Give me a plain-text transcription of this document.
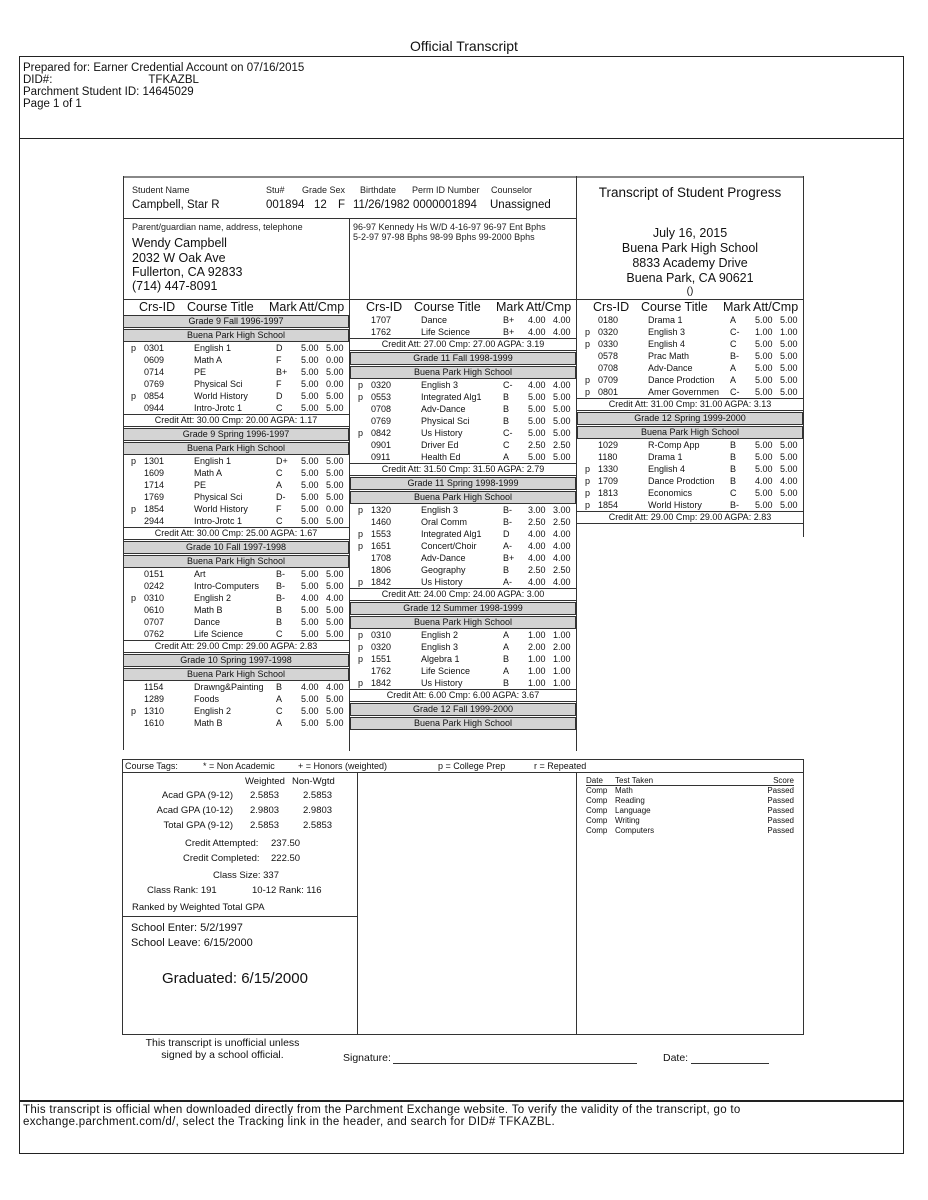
Official Transcript
Prepared for: Earner Credential Account on 07/16/2015
DID#:	TFKAZBL
Parchment Student ID: 14645029
Page 1 of 1
Student Name	Stu# Grade Sex Birthdate Perm ID Number Counselor
Campbell, Star R	001894 12 F 11/26/1982 0000001894 Unassigned
Parent/guardian name, address, telephone
Wendy Campbell
2032 W Oak Ave
Fullerton, CA 92833
(714) 447-8091
96-97 Kennedy Hs W/D 4-16-97 96-97 Ent Bphs
5-2-97 97-98 Bphs 98-99 Bphs 99-2000 Bphs
Transcript of Student Progress
July 16, 2015
Buena Park High School
8833 Academy Drive
Buena Park, CA 90621
()
Crs-ID Course Title Mark Att/Cmp
Grade 9 Fall 1996-1997
Buena Park High School
p 0301	English 1	D 5.00 5.00
0609	Math A	F 5.00 0.00
0714	PE	B+ 5.00 5.00
0769	Physical Sci	F 5.00 0.00
p 0854	World History	D 5.00 5.00
0944	Intro-Jrotc 1	C 5.00 5.00
Credit Att: 30.00 Cmp: 20.00 AGPA: 1.17
Grade 9 Spring 1996-1997
Buena Park High School
p 1301	English 1	D+ 5.00 5.00
1609	Math A	C 5.00 5.00
1714	PE	A 5.00 5.00
1769	Physical Sci	D- 5.00 5.00
p 1854	World History	F 5.00 0.00
2944	Intro-Jrotc 1	C 5.00 5.00
Credit Att: 30.00 Cmp: 25.00 AGPA: 1.67
Grade 10 Fall 1997-1998
Buena Park High School
0151	Art	B- 5.00 5.00
0242	Intro-Computers B- 5.00 5.00
p 0310	English 2	B- 4.00 4.00
0610	Math B	B 5.00 5.00
0707	Dance	B 5.00 5.00
0762	Life Science	C 5.00 5.00
Credit Att: 29.00 Cmp: 29.00 AGPA: 2.83
Grade 10 Spring 1997-1998
Buena Park High School
1154	Drawng&Painting B 4.00 4.00
1289	Foods	A 5.00 5.00
p 1310	English 2	C 5.00 5.00
1610	Math B	A 5.00 5.00
Crs-ID Course Title Mark Att/Cmp
1707	Dance	B+ 4.00 4.00
1762	Life Science	B+ 4.00 4.00
Credit Att: 27.00 Cmp: 27.00 AGPA: 3.19
Grade 11 Fall 1998-1999
Buena Park High School
p 0320	English 3	C- 4.00 4.00
p 0553	Integrated Alg1 B 5.00 5.00
0708	Adv-Dance	B 5.00 5.00
0769	Physical Sci	B 5.00 5.00
p 0842	Us History	C- 5.00 5.00
0901	Driver Ed	C 2.50 2.50
0911	Health Ed	A 5.00 5.00
Credit Att: 31.50 Cmp: 31.50 AGPA: 2.79
Grade 11 Spring 1998-1999
Buena Park High School
p 1320	English 3	B- 3.00 3.00
1460	Oral Comm	B- 2.50 2.50
p 1553	Integrated Alg1 D 4.00 4.00
p 1651	Concert/Choir	A- 4.00 4.00
1708	Adv-Dance	B+ 4.00 4.00
1806	Geography	B 2.50 2.50
p 1842	Us History	A- 4.00 4.00
Credit Att: 24.00 Cmp: 24.00 AGPA: 3.00
Grade 12 Summer 1998-1999
Buena Park High School
p 0310	English 2	A 1.00 1.00
p 0320	English 3	A 2.00 2.00
p 1551	Algebra 1	B 1.00 1.00
1762	Life Science	A 1.00 1.00
p 1842	Us History	B 1.00 1.00
Credit Att: 6.00 Cmp: 6.00 AGPA: 3.67
Grade 12 Fall 1999-2000
Buena Park High School
Crs-ID Course Title Mark Att/Cmp
0180	Drama 1	A 5.00 5.00
p 0320	English 3	C- 1.00 1.00
p 0330	English 4	C 5.00 5.00
0578	Prac Math	B- 5.00 5.00
0708	Adv-Dance	A 5.00 5.00
p 0709	Dance Prodction A 5.00 5.00
p 0801	Amer Governmen C- 5.00 5.00
Credit Att: 31.00 Cmp: 31.00 AGPA: 3.13
Grade 12 Spring 1999-2000
Buena Park High School
1029	R-Comp App	B 5.00 5.00
1180	Drama 1	B 5.00 5.00
p 1330	English 4	B 5.00 5.00
p 1709	Dance Prodction B 4.00 4.00
p 1813	Economics	C 5.00 5.00
p 1854	World History	B- 5.00 5.00
Credit Att: 29.00 Cmp: 29.00 AGPA: 2.83
Course Tags:	* = Non Academic	+ = Honors (weighted)	p = College Prep	r = Repeated
Weighted Non-Wgtd
Acad GPA (9-12) 2.5853	2.5853
Acad GPA (10-12) 2.9803	2.9803
Total GPA (9-12) 2.5853	2.5853
Credit Attempted: 237.50
Credit Completed: 222.50
Class Size: 337
Class Rank: 191	10-12 Rank: 116
Ranked by Weighted Total GPA
School Enter: 5/2/1997
School Leave: 6/15/2000
Graduated: 6/15/2000
Date Test Taken	Score
Comp Math	Passed
Comp Reading	Passed
Comp Language	Passed
Comp Writing	Passed
Comp Computers	Passed
This transcript is unofficial unless
signed by a school official.	Signature:	Date:
This transcript is official when downloaded directly from the Parchment Exchange website. To verify the validity of the transcript, go to exchange.parchment.com/d/, select the Tracking link in the header, and search for DID# TFKAZBL.
